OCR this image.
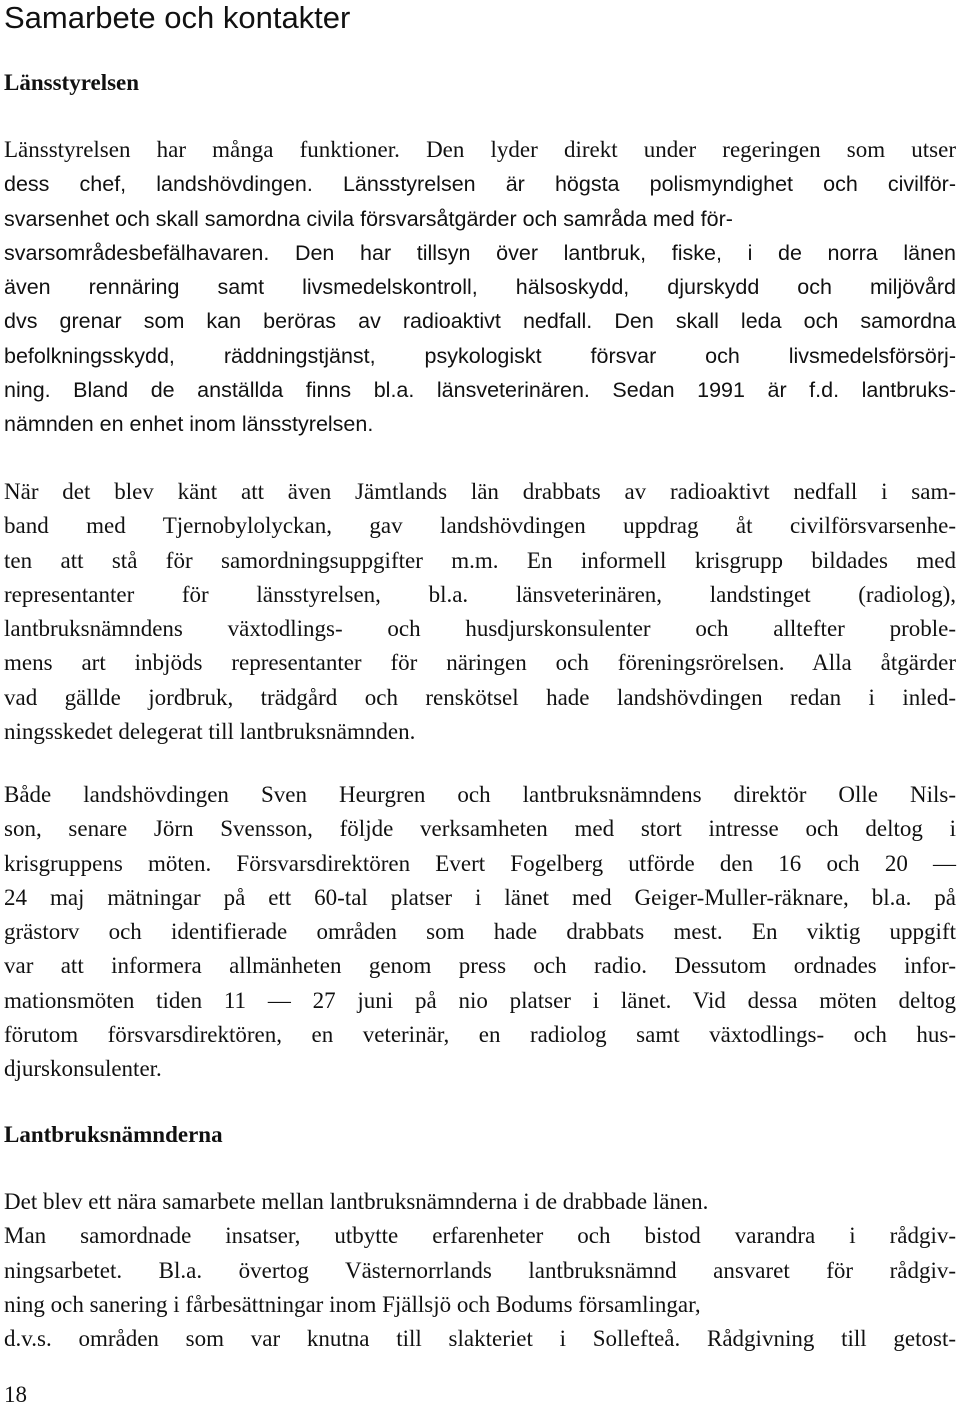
Samarbete och kontakter
Länsstyrelsen

Länsstyrelsen har många funktioner. Den lyder direkt under regeringen som utser
dess chef, landshövdingen. Länsstyrelsen är högsta polismyndighet och civilför-
svarsenhet och skall samordna civila försvarsåtgärder och samråda med för-
svarsområdesbefälhavaren. Den har tillsyn över lantbruk, fiske, i de norra länen
även rennäring samt livsmedelskontroll, hälsoskydd, djurskydd och miljövård
dvs grenar som kan beröras av radioaktivt nedfall. Den skall leda och samordna
befolkningsskydd, räddningstjänst, psykologiskt försvar och livsmedelsförsörj-
ning. Bland de anställda finns bl.a. länsveterinären. Sedan 1991 är f.d. lantbruks-
nämnden en enhet inom länsstyrelsen.

När det blev känt att även Jämtlands län drabbats av radioaktivt nedfall i sam-
band med Tjernobylolyckan, gav landshövdingen uppdrag åt civilförsvarsenhe-
ten att stå för samordningsuppgifter m.m. En informell krisgrupp bildades med
representanter för länsstyrelsen, bl.a. länsveterinären, landstinget (radiolog),
lantbruksnämndens växtodlings- och husdjurskonsulenter och alltefter proble-
mens art inbjöds representanter för näringen och föreningsrörelsen. Alla åtgärder
vad gällde jordbruk, trädgård och renskötsel hade landshövdingen redan i inled-
ningsskedet delegerat till lantbruksnämnden.

Både landshövdingen Sven Heurgren och lantbruksnämndens direktör Olle Nils-
son, senare Jörn Svensson, följde verksamheten med stort intresse och deltog i
krisgruppens möten. Försvarsdirektören Evert Fogelberg utförde den 16 och 20 —
24 maj mätningar på ett 60-tal platser i länet med Geiger-Muller-räknare, bl.a. på
grästorv och identifierade områden som hade drabbats mest. En viktig uppgift
var att informera allmänheten genom press och radio. Dessutom ordnades infor-
mationsmöten tiden 11 — 27 juni på nio platser i länet. Vid dessa möten deltog
förutom försvarsdirektören, en veterinär, en radiolog samt växtodlings- och hus-
djurskonsulenter.

Lantbruksnämnderna

Det blev ett nära samarbete mellan lantbruksnämnderna i de drabbade länen.
Man samordnade insatser, utbytte erfarenheter och bistod varandra i rådgiv-
ningsarbetet. Bl.a. övertog Västernorrlands lantbruksnämnd ansvaret för rådgiv-
ning och sanering i fårbesättningar inom Fjällsjö och Bodums församlingar,
d.v.s. områden som var knutna till slakteriet i Sollefteå. Rådgivning till getost-

18
